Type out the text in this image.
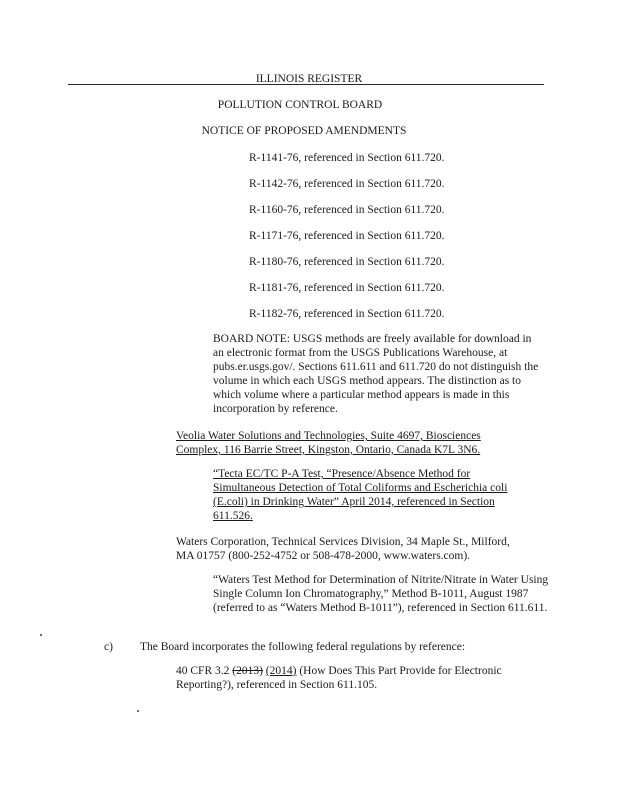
ILLINOIS REGISTER
POLLUTION CONTROL BOARD
NOTICE OF PROPOSED AMENDMENTS
R-1141-76, referenced in Section 611.720.
R-1142-76, referenced in Section 611.720.
R-1160-76, referenced in Section 611.720.
R-1171-76, referenced in Section 611.720.
R-1180-76, referenced in Section 611.720.
R-1181-76, referenced in Section 611.720.
R-1182-76, referenced in Section 611.720.
BOARD NOTE: USGS methods are freely available for download in an electronic format from the USGS Publications Warehouse, at pubs.er.usgs.gov/. Sections 611.611 and 611.720 do not distinguish the volume in which each USGS method appears. The distinction as to which volume where a particular method appears is made in this incorporation by reference.
Veolia Water Solutions and Technologies, Suite 4697, Biosciences Complex, 116 Barrie Street, Kingston, Ontario, Canada K7L 3N6.
“Tecta EC/TC P-A Test, “Presence/Absence Method for Simultaneous Detection of Total Coliforms and Escherichia coli (E.coli) in Drinking Water” April 2014, referenced in Section 611.526.
Waters Corporation, Technical Services Division, 34 Maple St., Milford, MA 01757 (800-252-4752 or 508-478-2000, www.waters.com).
“Waters Test Method for Determination of Nitrite/Nitrate in Water Using Single Column Ion Chromatography,” Method B-1011, August 1987 (referred to as “Waters Method B-1011”), referenced in Section 611.611.
c) The Board incorporates the following federal regulations by reference:
40 CFR 3.2 (2013) (2014) (How Does This Part Provide for Electronic Reporting?), referenced in Section 611.105.
